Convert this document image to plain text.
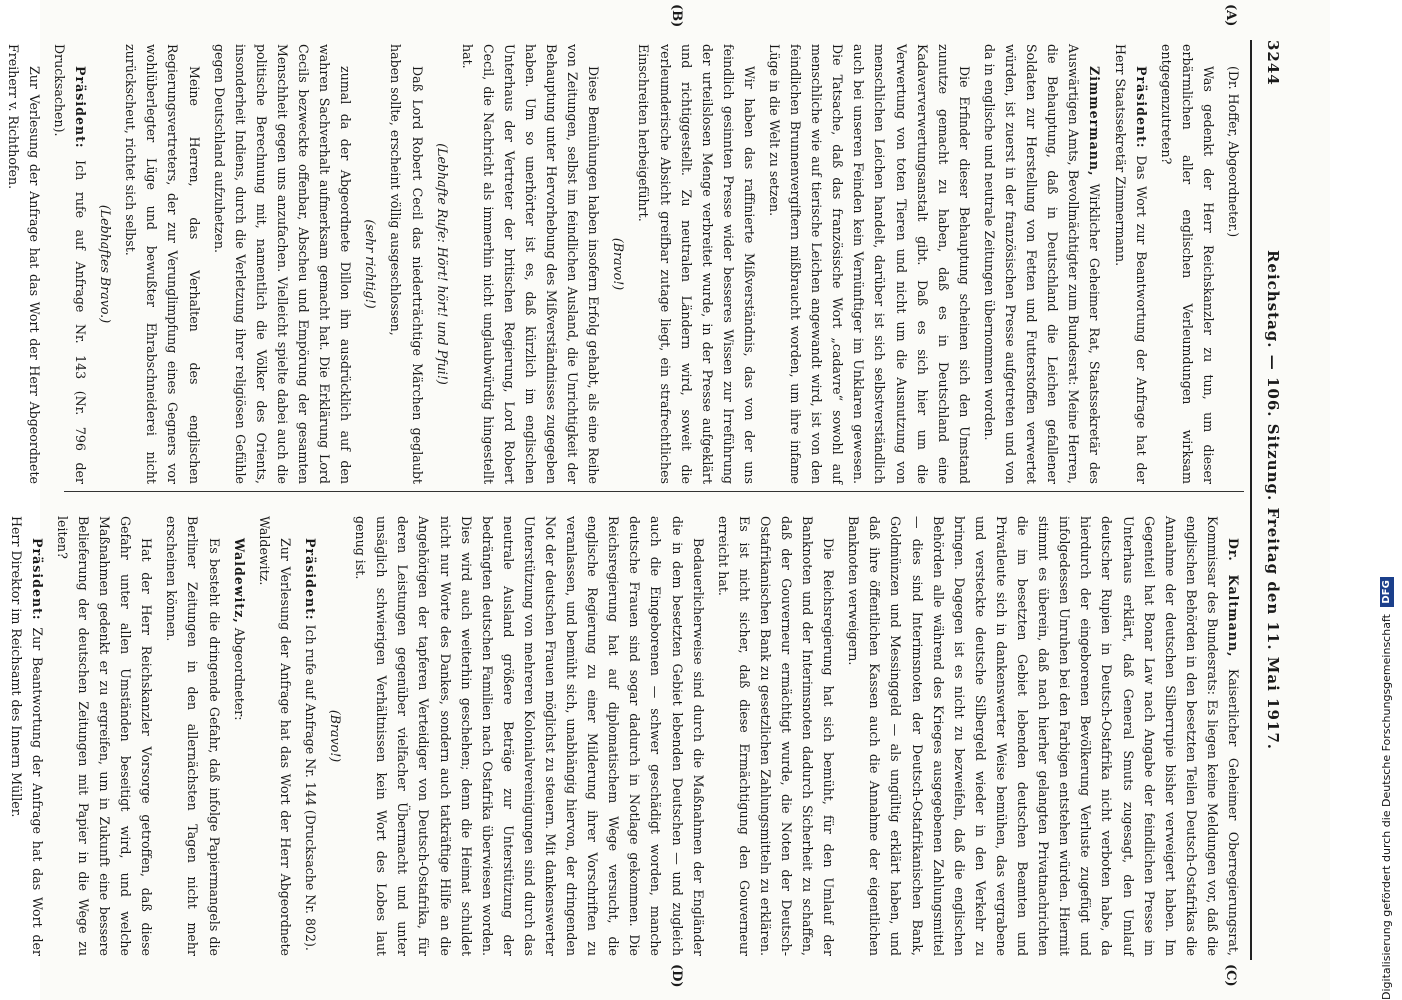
3244
Reichstag. — 106. Sitzung. Freitag den 11. Mai 1917.
(A)
(B)
(C)
(D)

(Dr. Hoffer, Abgeordneter.)

Was gedenkt der Herr Reichskanzler zu tun, um dieser erbärmlichen aller englischen Verleumdungen wirksam entgegenzutreten?

Präsident: Das Wort zur Beantwortung der Anfrage hat der Herr Staatssekretär Zimmermann.

Zimmermann, Wirklicher Geheimer Rat, Staatssekretär des Auswärtigen Amts, Bevollmächtigter zum Bundesrat: Meine Herren, die Behauptung, daß in Deutschland die Leichen gefallener Soldaten zur Herstellung von Fetten und Futterstoffen verwertet würden, ist zuerst in der französischen Presse aufgetreten und von da in englische und neutrale Zeitungen übernommen worden.

Die Erfinder dieser Behauptung scheinen sich den Umstand zunutze gemacht zu haben, daß es in Deutschland eine Kadaververwertungsanstalt gibt. Daß es sich hier um die Verwertung von toten Tieren und nicht um die Ausnutzung von menschlichen Leichen handelt, darüber ist sich selbstverständlich auch bei unseren Feinden kein Vernünftiger im Unklaren gewesen. Die Tatsache, daß das französische Wort „cadavre“ sowohl auf menschliche wie auf tierische Leichen angewandt wird, ist von den feindlichen Brunnenvergiftern mißbraucht worden, um ihre infame Lüge in die Welt zu setzen.

Wir haben das raffinierte Mißverständnis, das von der uns feindlich gesinnten Presse wider besseres Wissen zur Irreführung der urteilslosen Menge verbreitet wurde, in der Presse aufgeklärt und richtiggestellt. Zu neutralen Ländern wird, soweit die verleumderische Absicht greifbar zutage liegt, ein strafrechtliches Einschreiten herbeigeführt.

(Bravo!)

Diese Bemühungen haben insofern Erfolg gehabt, als eine Reihe von Zeitungen, selbst im feindlichen Ausland, die Unrichtigkeit der Behauptung unter Hervorhebung des Mißverständnisses zugegeben haben. Um so unerhörter ist es, daß kürzlich im englischen Unterhaus der Vertreter der britischen Regierung, Lord Robert Cecil, die Nachricht als immerhin nicht unglaubwürdig hingestellt hat.

(Lebhafte Rufe: Hört! hört! und Pfui!)

Daß Lord Robert Cecil das niederträchtige Märchen geglaubt haben sollte, erscheint völlig ausgeschlossen,

(sehr richtig!)

zumal da der Abgeordnete Dillon ihn ausdrücklich auf den wahren Sachverhalt aufmerksam gemacht hat. Die Erklärung Lord Cecils bezweckte offenbar, Abscheu und Empörung der gesamten Menschheit gegen uns anzufachen. Vielleicht spielte dabei auch die politische Berechnung mit, namentlich die Völker des Orients, insonderheit Indiens, durch die Verletzung ihrer religiösen Gefühle gegen Deutschland aufzuhetzen.

Meine Herren, das Verhalten des englischen Regierungsvertreters, der zur Verunglimpfung eines Gegners vor wohlüberlegter Lüge und bewußter Ehrabschneiderei nicht zurückscheut, richtet sich selbst.

(Lebhaftes Bravo.)

Präsident: Ich rufe auf Anfrage Nr. 143 (Nr. 796 der Drucksachen).

Zur Verlesung der Anfrage hat das Wort der Herr Abgeordnete Freiherr v. Richthofen.

Dr. Kaltmann, Kaiserlicher Geheimer Oberregierungsrat, Kommissar des Bundesrats: Es liegen keine Meldungen vor, daß die englischen Behörden in den besetzten Teilen Deutsch-Ostafrikas die Annahme der deutschen Silberrupie bisher verweigert haben. Im Gegenteil hat Bonar Law nach Angabe der feindlichen Presse im Unterhaus erklärt, daß General Smuts zugesagt, den Umlauf deutscher Rupien in Deutsch-Ostafrika nicht verboten habe, da hierdurch der eingeborenen Bevölkerung Verluste zugefügt und infolgedessen Unruhen bei den Farbigen entstehen würden. Hiermit stimmt es überein, daß nach hierher gelangten Privatnachrichten die im besetzten Gebiet lebenden deutschen Beamten und Privatleute sich in dankenswerter Weise bemühen, das vergrabene und versteckte deutsche Silbergeld wieder in den Verkehr zu bringen. Dagegen ist es nicht zu bezweifeln, daß die englischen Behörden alle während des Krieges ausgegebenen Zahlungsmittel — dies sind Interimsnoten der Deutsch-Ostafrikanischen Bank, Goldmünzen und Messinggeld — als ungültig erklärt haben, und daß ihre öffentlichen Kassen auch die Annahme der eigentlichen Banknoten verweigern.

Die Reichsregierung hat sich bemüht, für den Umlauf der Banknoten und der Interimsnoten dadurch Sicherheit zu schaffen, daß der Gouverneur ermächtigt wurde, die Noten der Deutsch-Ostafrikanischen Bank zu gesetzlichen Zahlungsmitteln zu erklären. Es ist nicht sicher, daß diese Ermächtigung den Gouverneur erreicht hat.

Bedauerlicherweise sind durch die Maßnahmen der Engländer die in dem besetzten Gebiet lebenden Deutschen — und zugleich auch die Eingeborenen — schwer geschädigt worden, manche deutsche Frauen sind sogar dadurch in Notlage gekommen. Die Reichsregierung hat auf diplomatischem Wege versucht, die englische Regierung zu einer Milderung ihrer Vorschriften zu veranlassen, und bemüht sich, unabhängig hiervon, der dringenden Not der deutschen Frauen möglichst zu steuern. Mit dankenswerter Unterstützung von mehreren Kolonialvereinigungen sind durch das neutrale Ausland größere Beträge zur Unterstützung der bedrängten deutschen Familien nach Ostafrika überwiesen worden. Dies wird auch weiterhin geschehen; denn die Heimat schuldet nicht nur Worte des Dankes, sondern auch tatkräftige Hilfe an die Angehörigen der tapferen Verteidiger von Deutsch-Ostafrika, für deren Leistungen gegenüber vielfacher Übermacht und unter unsäglich schwierigen Verhältnissen kein Wort des Lobes laut genug ist.

(Bravo!)

Präsident: Ich rufe auf Anfrage Nr. 144 (Drucksache Nr. 802).

Zur Verlesung der Anfrage hat das Wort der Herr Abgeordnete Waldewitz.

Waldewitz, Abgeordneter:

Es besteht die dringende Gefahr, daß infolge Papiermangels die Berliner Zeitungen in den allernächsten Tagen nicht mehr erscheinen können.

Hat der Herr Reichskanzler Vorsorge getroffen, daß diese Gefahr unter allen Umständen beseitigt wird, und welche Maßnahmen gedenkt er zu ergreifen, um in Zukunft eine bessere Belieferung der deutschen Zeitungen mit Papier in die Wege zu leiten?

Präsident: Zur Beantwortung der Anfrage hat das Wort der Herr Direktor im Reichsamt des Innern Müller.	Digitalisierung gefördert durch die Deutsche Forschungsgemeinschaft DFG
